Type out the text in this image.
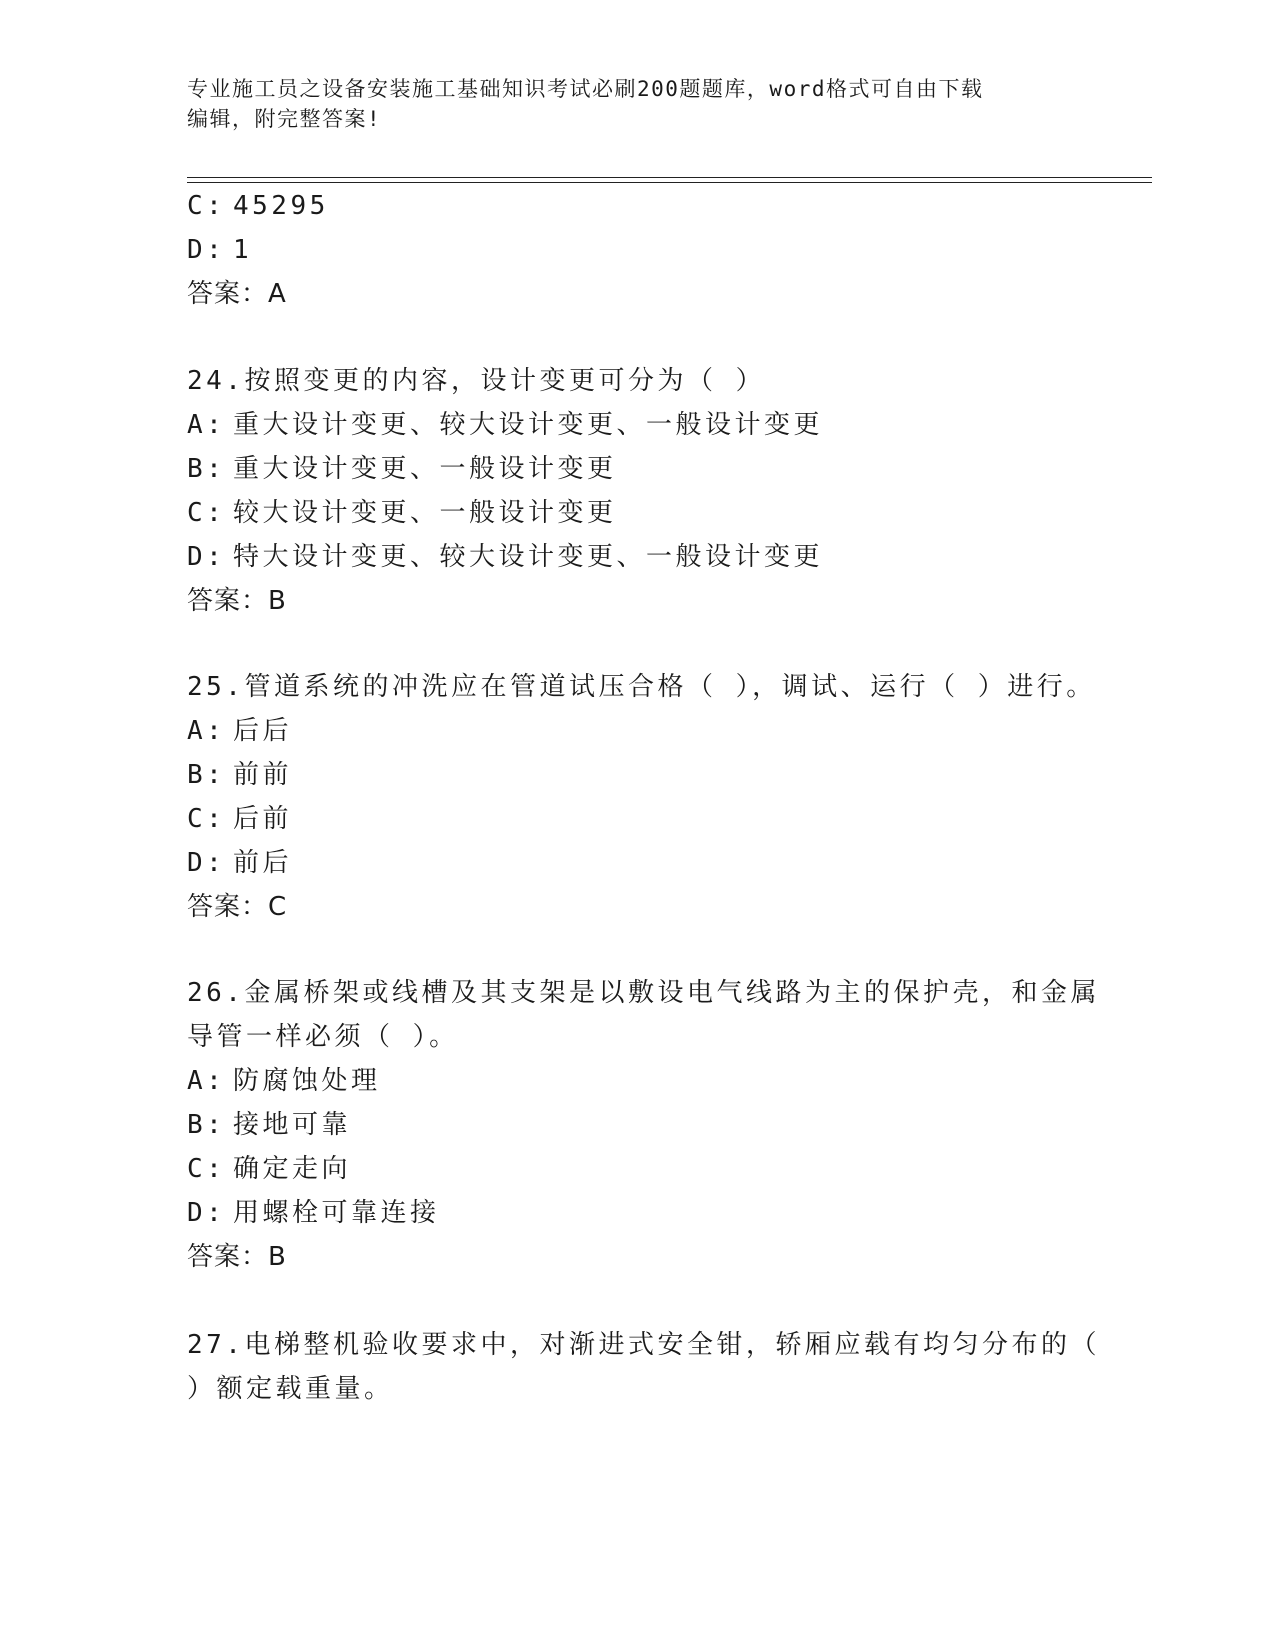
专业施工员之设备安装施工基础知识考试必刷200题题库，word格式可自由下载
编辑，附完整答案!
C: 45295
D: 1
答案：A
24.按照变更的内容，设计变更可分为（ ）
A: 重大设计变更、较大设计变更、一般设计变更
B: 重大设计变更、一般设计变更
C: 较大设计变更、一般设计变更
D: 特大设计变更、较大设计变更、一般设计变更
答案：B
25.管道系统的冲洗应在管道试压合格（ ），调试、运行（ ）进行。
A: 后后
B: 前前
C: 后前
D: 前后
答案：C
26.金属桥架或线槽及其支架是以敷设电气线路为主的保护壳，和金属
导管一样必须（ ）。
A: 防腐蚀处理
B: 接地可靠
C: 确定走向
D: 用螺栓可靠连接
答案：B
27.电梯整机验收要求中，对渐进式安全钳，轿厢应载有均匀分布的（
）额定载重量。
